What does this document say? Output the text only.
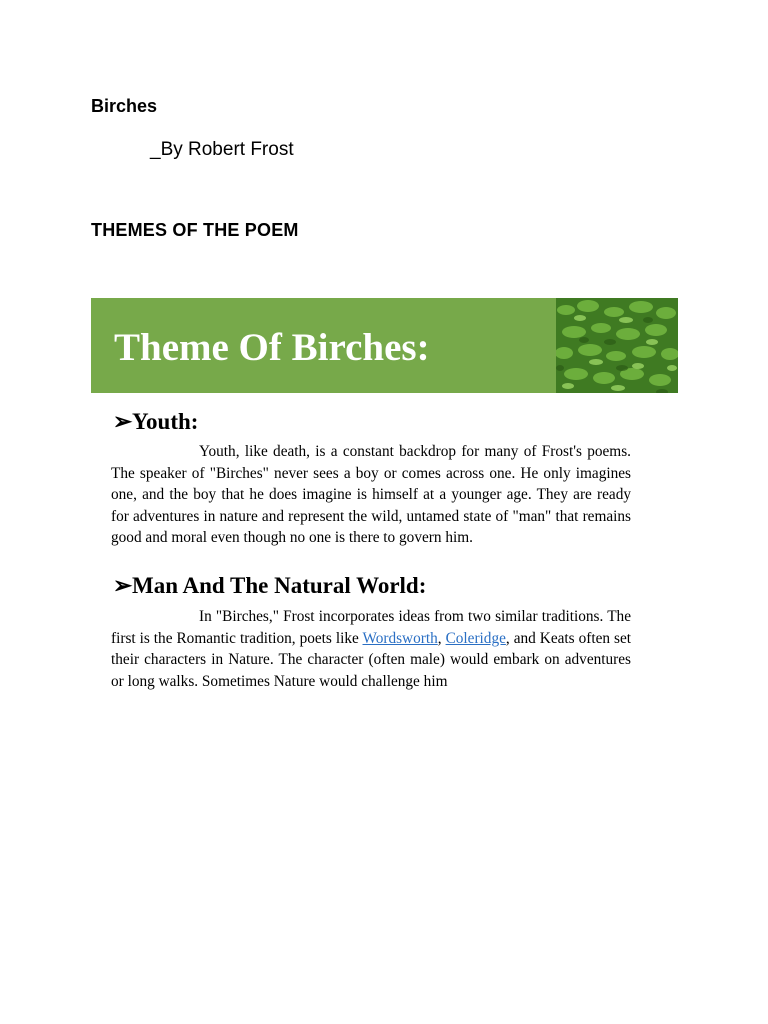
Birches
_By Robert Frost
THEMES OF THE POEM
Theme Of Birches:
➢Youth:
Youth, like death, is a constant backdrop for many of Frost's poems. The speaker of "Birches" never sees a boy or comes across one. He only imagines one, and the boy that he does imagine is himself at a younger age. They are ready for adventures in nature and represent the wild, untamed state of "man" that remains good and moral even though no one is there to govern him.
➢Man And The Natural World:
In "Birches," Frost incorporates ideas from two similar traditions. The first is the Romantic tradition, poets like Wordsworth, Coleridge, and Keats often set their characters in Nature. The character (often male) would embark on adventures or long walks. Sometimes Nature would challenge him
